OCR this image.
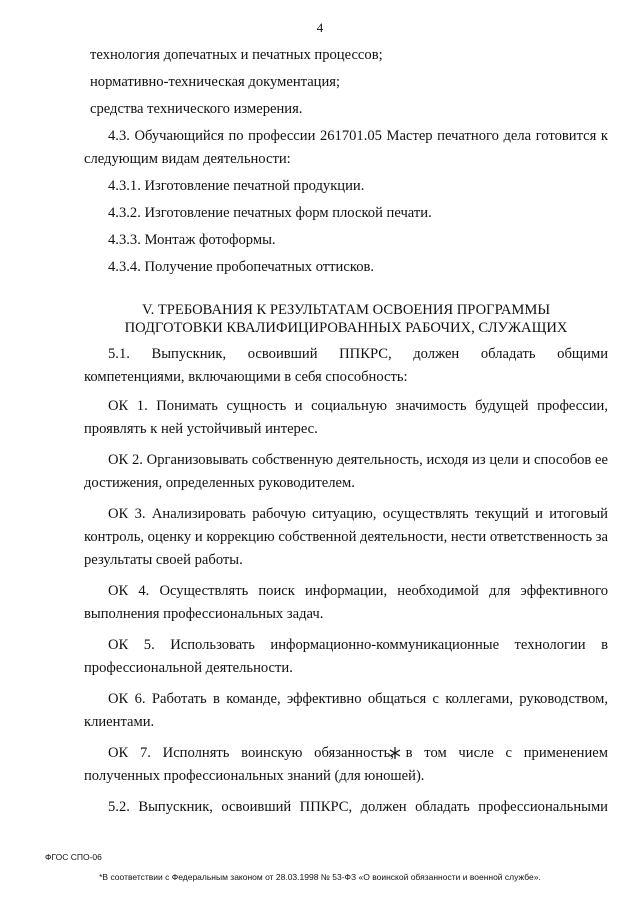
4

технология допечатных и печатных процессов;

нормативно-техническая документация;

средства технического измерения.

4.3. Обучающийся по профессии 261701.05 Мастер печатного дела готовится к

следующим видам деятельности:

4.3.1. Изготовление печатной продукции.

4.3.2. Изготовление печатных форм плоской печати.

4.3.3. Монтаж фотоформы.

4.3.4. Получение пробопечатных оттисков.

V. ТРЕБОВАНИЯ К РЕЗУЛЬТАТАМ ОСВОЕНИЯ ПРОГРАММЫ
ПОДГОТОВКИ КВАЛИФИЦИРОВАННЫХ РАБОЧИХ, СЛУЖАЩИХ

5.1. Выпускник, освоивший ППКРС, должен обладать общими

компетенциями, включающими в себя способность:

ОК 1. Понимать сущность и социальную значимость будущей профессии, проявлять к ней устойчивый интерес.

ОК 2. Организовывать собственную деятельность, исходя из цели и способов ее достижения, определенных руководителем.

ОК 3. Анализировать рабочую ситуацию, осуществлять текущий и итоговый контроль, оценку и коррекцию собственной деятельности, нести ответственность за результаты своей работы.

ОК 4. Осуществлять поиск информации, необходимой для эффективного выполнения профессиональных задач.

ОК 5. Использовать информационно-коммуникационные технологии в профессиональной деятельности.

ОК 6. Работать в команде, эффективно общаться с коллегами, руководством, клиентами.

ОК 7. Исполнять воинскую обязанность
, в том числе с применением полученных профессиональных знаний (для юношей).

5.2. Выпускник, освоивший ППКРС, должен обладать профессиональными

ФГОС СПО-06
*В соответствии с Федеральным законом от 28.03.1998 № 53-ФЗ «О воинской обязанности и военной службе».
